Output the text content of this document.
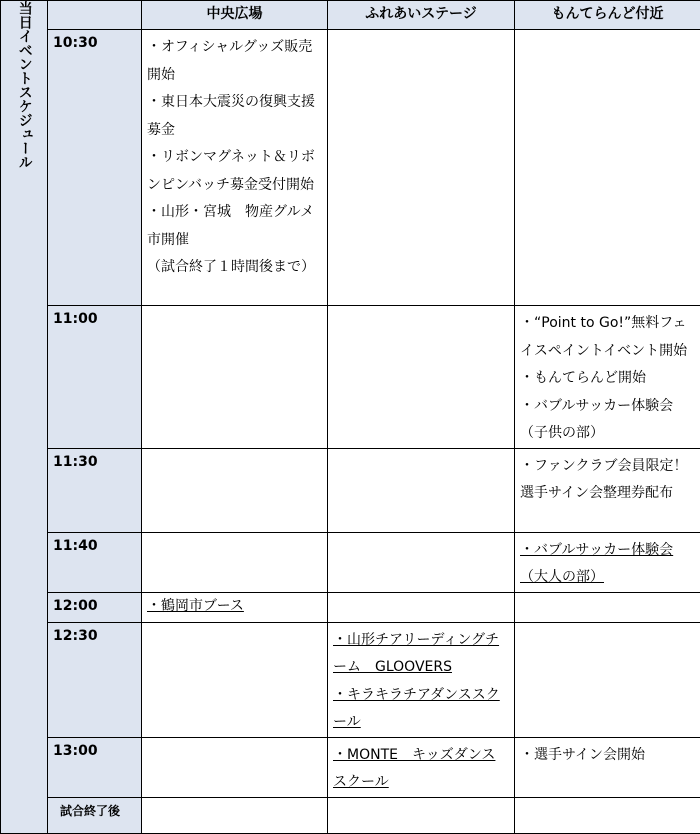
当日イベントスケジュール		中央広場	ふれあいステージ	もんてらんど付近
	10:30	・オフィシャルグッズ販売開始
・東日本大震災の復興支援募金
・リボンマグネット＆リボンピンバッチ募金受付開始
・山形・宮城　物産グルメ市開催
（試合終了１時間後まで）		

	11:00			・“Point to Go!”無料フェイスペイントイベント開始
・もんてらんど開始
・バブルサッカー体験会（子供の部）

	11:30			・ファンクラブ会員限定！選手サイン会整理券配布

	11:40			・バブルサッカー体験会（大人の部）

	12:00	・鶴岡市ブース		

	12:30		・山形チアリーディングチーム　GLOOVERS
・キラキラチアダンススクール	

	13:00		・MONTE　キッズダンススクール	・選手サイン会開始

	試合終了後			
